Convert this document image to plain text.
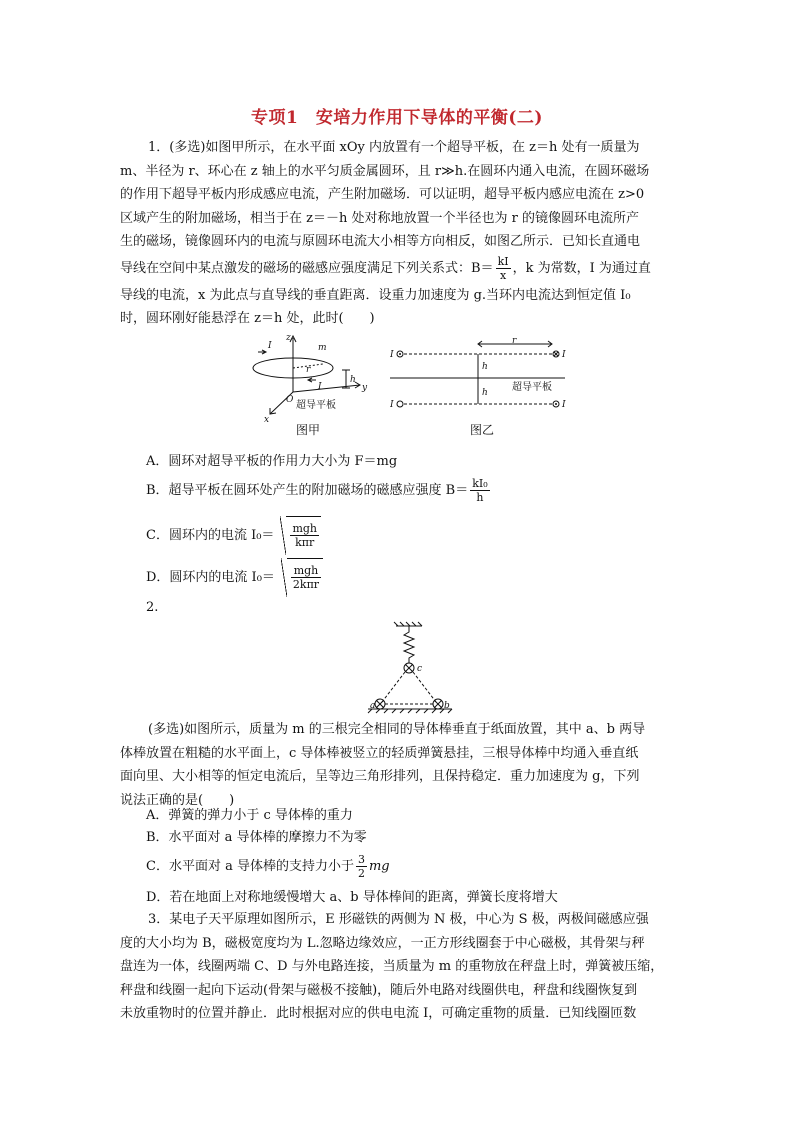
专项1　安培力作用下导体的平衡(二)
1．(多选)如图甲所示，在水平面 xOy 内放置有一个超导平板，在 z＝h 处有一质量为
m、半径为 r、环心在 z 轴上的水平匀质金属圆环，且 r≫h.在圆环内通入电流，在圆环磁场
的作用下超导平板内形成感应电流，产生附加磁场．可以证明，超导平板内感应电流在 z>0
区域产生的附加磁场，相当于在 z＝－h 处对称地放置一个半径也为 r 的镜像圆环电流所产
生的磁场，镜像圆环内的电流与原圆环电流大小相等方向相反，如图乙所示．已知长直通电
导线在空间中某点激发的磁场的磁感应强度满足下列关系式：$B= \frac{kI}{x}$ ，k 为常数，I 为通过直
导线的电流，x 为此点与直导线的垂直距离．设重力加速度为 g.当环内电流达到恒定值 I₀
时，圆环刚好能悬浮在 z＝h 处，此时(　　)
I
z
m
r
I
h
O
y
x
超导平板
图甲
I
r
I
h
h
I	I
超导平板
图乙
A．圆环对超导平板的作用力大小为 F＝mg
B．超导平板在圆环处产生的附加磁场的磁感应强度 $B= \frac{\text{kI₀}}{h}$
C．圆环内的电流 $I_0= \frac{\text{mgh}}{\text{kπr}}$
D．圆环内的电流 $I_0= \frac{\text{mgh}}{\text{2kπr}}$
2.
c
a	b
(多选)如图所示，质量为 m 的三根完全相同的导体棒垂直于纸面放置，其中 a、b 两导
体棒放置在粗糙的水平面上，c 导体棒被竖立的轻质弹簧悬挂，三根导体棒中均通入垂直纸
面向里、大小相等的恒定电流后，呈等边三角形排列，且保持稳定．重力加速度为 g，下列
说法正确的是(　　)
A．弹簧的弹力小于 c 导体棒的重力
B．水平面对 a 导体棒的摩擦力不为零
C．水平面对 a 导体棒的支持力小于 $\frac{3}{2}$ mg
D．若在地面上对称地缓慢增大 a、b 导体棒间的距离，弹簧长度将增大
3．某电子天平原理如图所示，E 形磁铁的两侧为 N 极，中心为 S 极，两极间磁感应强
度的大小均为 B，磁极宽度均为 L.忽略边缘效应，一正方形线圈套于中心磁极，其骨架与秤
盘连为一体，线圈两端 C、D 与外电路连接，当质量为 m 的重物放在秤盘上时，弹簧被压缩，
秤盘和线圈一起向下运动(骨架与磁极不接触)，随后外电路对线圈供电，秤盘和线圈恢复到
未放重物时的位置并静止．此时根据对应的供电电流 I，可确定重物的质量．已知线圈匝数
